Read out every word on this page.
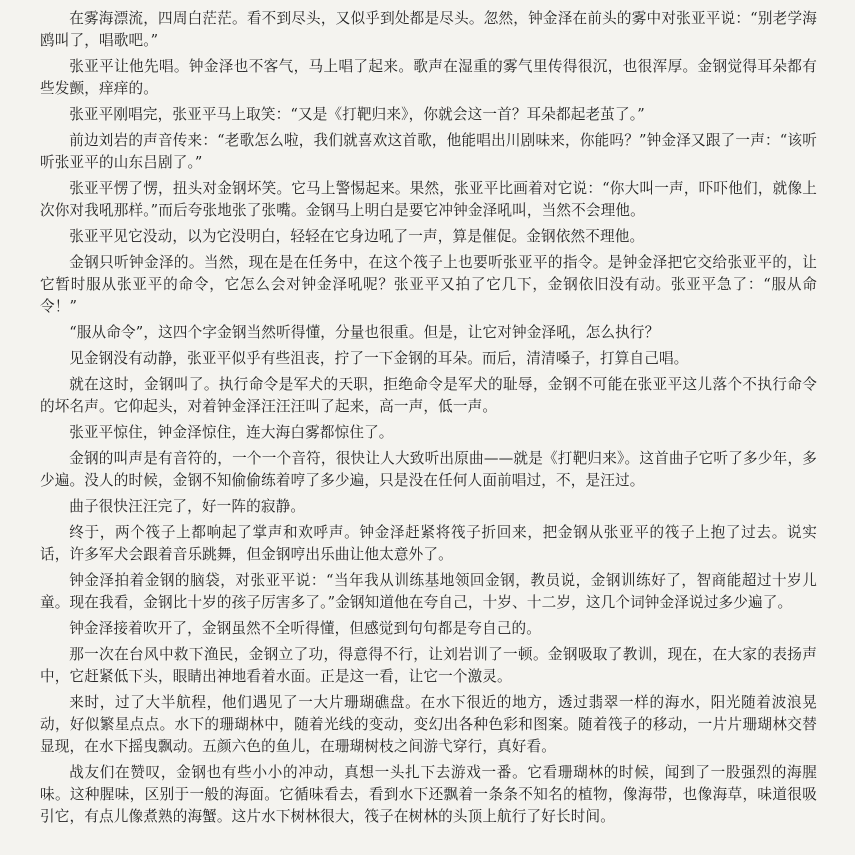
在雾海漂流，四周白茫茫。看不到尽头，又似乎到处都是尽头。忽然，钟金泽在前头的雾中对张亚平说：“别老学海鸥叫了，唱歌吧。”

张亚平让他先唱。钟金泽也不客气，马上唱了起来。歌声在湿重的雾气里传得很沉，也很浑厚。金钢觉得耳朵都有些发颤，痒痒的。

张亚平刚唱完，张亚平马上取笑：“又是《打靶归来》，你就会这一首？耳朵都起老茧了。”

前边刘岩的声音传来：“老歌怎么啦，我们就喜欢这首歌，他能唱出川剧味来，你能吗？”钟金泽又跟了一声：“该听听张亚平的山东吕剧了。”

张亚平愣了愣，扭头对金钢坏笑。它马上警惕起来。果然，张亚平比画着对它说：“你大叫一声，吓吓他们，就像上次你对我吼那样。”而后夸张地张了张嘴。金钢马上明白是要它冲钟金泽吼叫，当然不会理他。

张亚平见它没动，以为它没明白，轻轻在它身边吼了一声，算是催促。金钢依然不理他。

金钢只听钟金泽的。当然，现在是在任务中，在这个筏子上也要听张亚平的指令。是钟金泽把它交给张亚平的，让它暂时服从张亚平的命令，它怎么会对钟金泽吼呢？张亚平又拍了它几下，金钢依旧没有动。张亚平急了：“服从命令！”

“服从命令”，这四个字金钢当然听得懂，分量也很重。但是，让它对钟金泽吼，怎么执行？

见金钢没有动静，张亚平似乎有些沮丧，拧了一下金钢的耳朵。而后，清清嗓子，打算自己唱。

就在这时，金钢叫了。执行命令是军犬的天职，拒绝命令是军犬的耻辱，金钢不可能在张亚平这儿落个不执行命令的坏名声。它仰起头，对着钟金泽汪汪汪叫了起来，高一声，低一声。

张亚平惊住，钟金泽惊住，连大海白雾都惊住了。

金钢的叫声是有音符的，一个一个音符，很快让人大致听出原曲——就是《打靶归来》。这首曲子它听了多少年，多少遍。没人的时候，金钢不知偷偷练着哼了多少遍，只是没在任何人面前唱过，不，是汪过。

曲子很快汪汪完了，好一阵的寂静。

终于，两个筏子上都响起了掌声和欢呼声。钟金泽赶紧将筏子折回来，把金钢从张亚平的筏子上抱了过去。说实话，许多军犬会跟着音乐跳舞，但金钢哼出乐曲让他太意外了。

钟金泽拍着金钢的脑袋，对张亚平说：“当年我从训练基地领回金钢，教员说，金钢训练好了，智商能超过十岁儿童。现在我看，金钢比十岁的孩子厉害多了。”金钢知道他在夸自己，十岁、十二岁，这几个词钟金泽说过多少遍了。

钟金泽接着吹开了，金钢虽然不全听得懂，但感觉到句句都是夸自己的。

那一次在台风中救下渔民，金钢立了功，得意得不行，让刘岩训了一顿。金钢吸取了教训，现在，在大家的表扬声中，它赶紧低下头，眼睛出神地看着水面。正是这一看，让它一个激灵。

来时，过了大半航程，他们遇见了一大片珊瑚礁盘。在水下很近的地方，透过翡翠一样的海水，阳光随着波浪晃动，好似繁星点点。水下的珊瑚林中，随着光线的变动，变幻出各种色彩和图案。随着筏子的移动，一片片珊瑚林交替显现，在水下摇曳飘动。五颜六色的鱼儿，在珊瑚树枝之间游弋穿行，真好看。

战友们在赞叹，金钢也有些小小的冲动，真想一头扎下去游戏一番。它看珊瑚林的时候，闻到了一股强烈的海腥味。这种腥味，区别于一般的海面。它循味看去，看到水下还飘着一条条不知名的植物，像海带，也像海草，味道很吸引它，有点儿像煮熟的海蟹。这片水下树林很大，筏子在树林的头顶上航行了好长时间。
